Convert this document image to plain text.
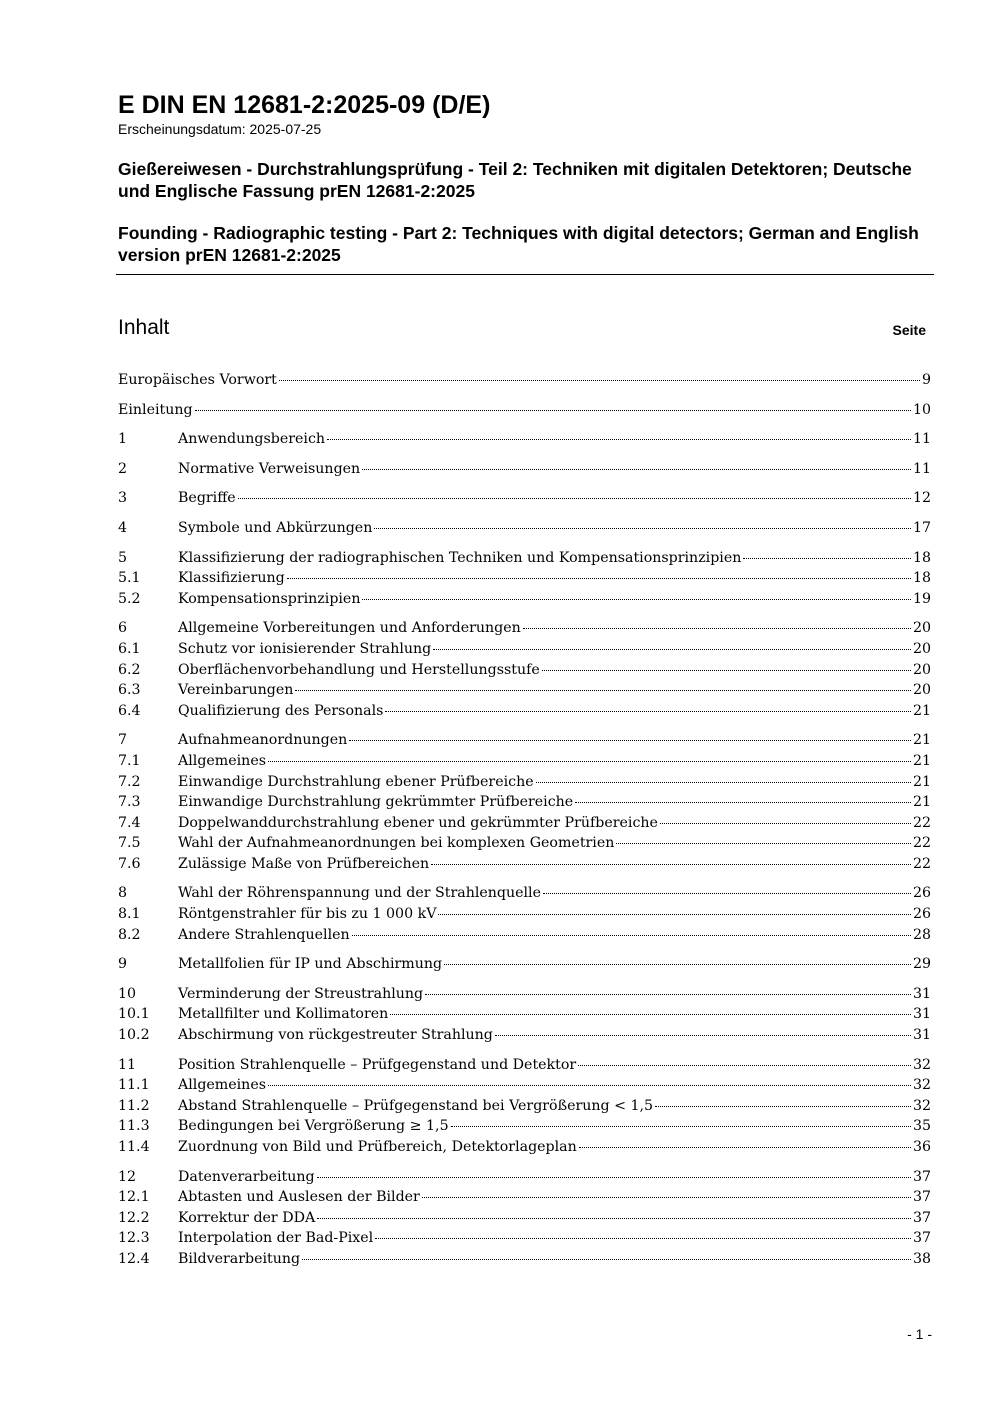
E DIN EN 12681-2:2025-09 (D/E)

Erscheinungsdatum: 2025-07-25

Gießereiwesen - Durchstrahlungsprüfung - Teil 2: Techniken mit digitalen Detektoren; Deutsche und Englische Fassung prEN 12681-2:2025

Founding - Radiographic testing - Part 2: Techniques with digital detectors; German and English version prEN 12681-2:2025

Inhalt	Seite
Europäisches Vorwort	9
Einleitung	10
1	Anwendungsbereich	11
2	Normative Verweisungen	11
3	Begriffe	12
4	Symbole und Abkürzungen	17
5	Klassifizierung der radiographischen Techniken und Kompensationsprinzipien	18
5.1	Klassifizierung	18
5.2	Kompensationsprinzipien	19
6	Allgemeine Vorbereitungen und Anforderungen	20
6.1	Schutz vor ionisierender Strahlung	20
6.2	Oberflächenvorbehandlung und Herstellungsstufe	20
6.3	Vereinbarungen	20
6.4	Qualifizierung des Personals	21
7	Aufnahmeanordnungen	21
7.1	Allgemeines	21
7.2	Einwandige Durchstrahlung ebener Prüfbereiche	21
7.3	Einwandige Durchstrahlung gekrümmter Prüfbereiche	21
7.4	Doppelwanddurchstrahlung ebener und gekrümmter Prüfbereiche	22
7.5	Wahl der Aufnahmeanordnungen bei komplexen Geometrien	22
7.6	Zulässige Maße von Prüfbereichen	22
8	Wahl der Röhrenspannung und der Strahlenquelle	26
8.1	Röntgenstrahler für bis zu 1 000 kV	26
8.2	Andere Strahlenquellen	28
9	Metallfolien für IP und Abschirmung	29
10	Verminderung der Streustrahlung	31
10.1	Metallfilter und Kollimatoren	31
10.2	Abschirmung von rückgestreuter Strahlung	31
11	Position Strahlenquelle – Prüfgegenstand und Detektor	32
11.1	Allgemeines	32
11.2	Abstand Strahlenquelle – Prüfgegenstand bei Vergrößerung < 1,5	32
11.3	Bedingungen bei Vergrößerung ≥ 1,5	35
11.4	Zuordnung von Bild und Prüfbereich, Detektorlageplan	36
12	Datenverarbeitung	37
12.1	Abtasten und Auslesen der Bilder	37
12.2	Korrektur der DDA	37
12.3	Interpolation der Bad-Pixel	37
12.4	Bildverarbeitung	38
- 1 -
